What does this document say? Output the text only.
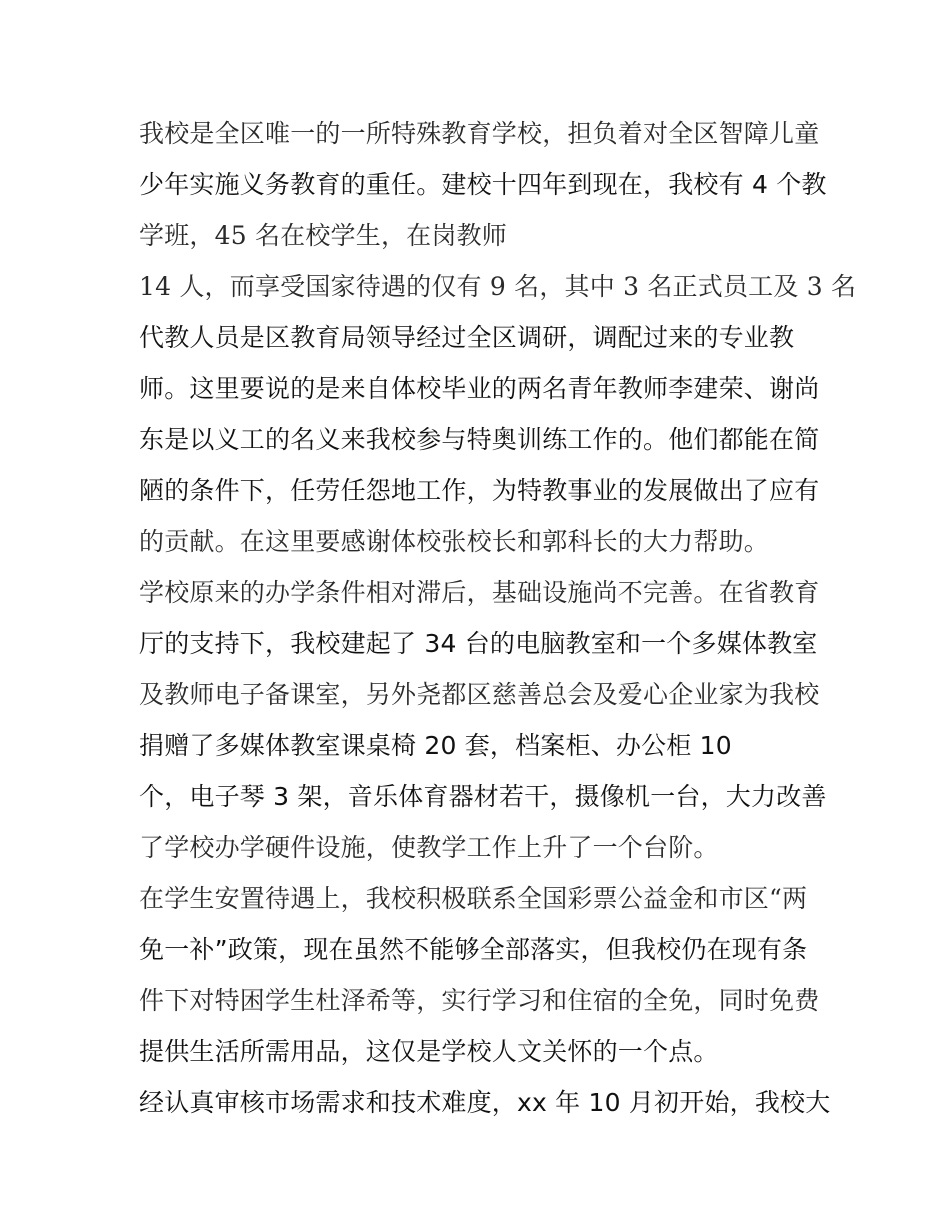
我校是全区唯一的一所特殊教育学校，担负着对全区智障儿童
少年实施义务教育的重任。建校十四年到现在，我校有 4 个教
学班，45 名在校学生，在岗教师
14 人，而享受国家待遇的仅有 9 名，其中 3 名正式员工及 3 名
代教人员是区教育局领导经过全区调研，调配过来的专业教
师。这里要说的是来自体校毕业的两名青年教师李建荣、谢尚
东是以义工的名义来我校参与特奥训练工作的。他们都能在简
陋的条件下，任劳任怨地工作，为特教事业的发展做出了应有
的贡献。在这里要感谢体校张校长和郭科长的大力帮助。
学校原来的办学条件相对滞后，基础设施尚不完善。在省教育
厅的支持下，我校建起了 34 台的电脑教室和一个多媒体教室
及教师电子备课室，另外尧都区慈善总会及爱心企业家为我校
捐赠了多媒体教室课桌椅 20 套，档案柜、办公柜 10
个，电子琴 3 架，音乐体育器材若干，摄像机一台，大力改善
了学校办学硬件设施，使教学工作上升了一个台阶。
在学生安置待遇上，我校积极联系全国彩票公益金和市区“两
免一补”政策，现在虽然不能够全部落实，但我校仍在现有条
件下对特困学生杜泽希等，实行学习和住宿的全免，同时免费
提供生活所需用品，这仅是学校人文关怀的一个点。
经认真审核市场需求和技术难度，xx 年 10 月初开始，我校大
